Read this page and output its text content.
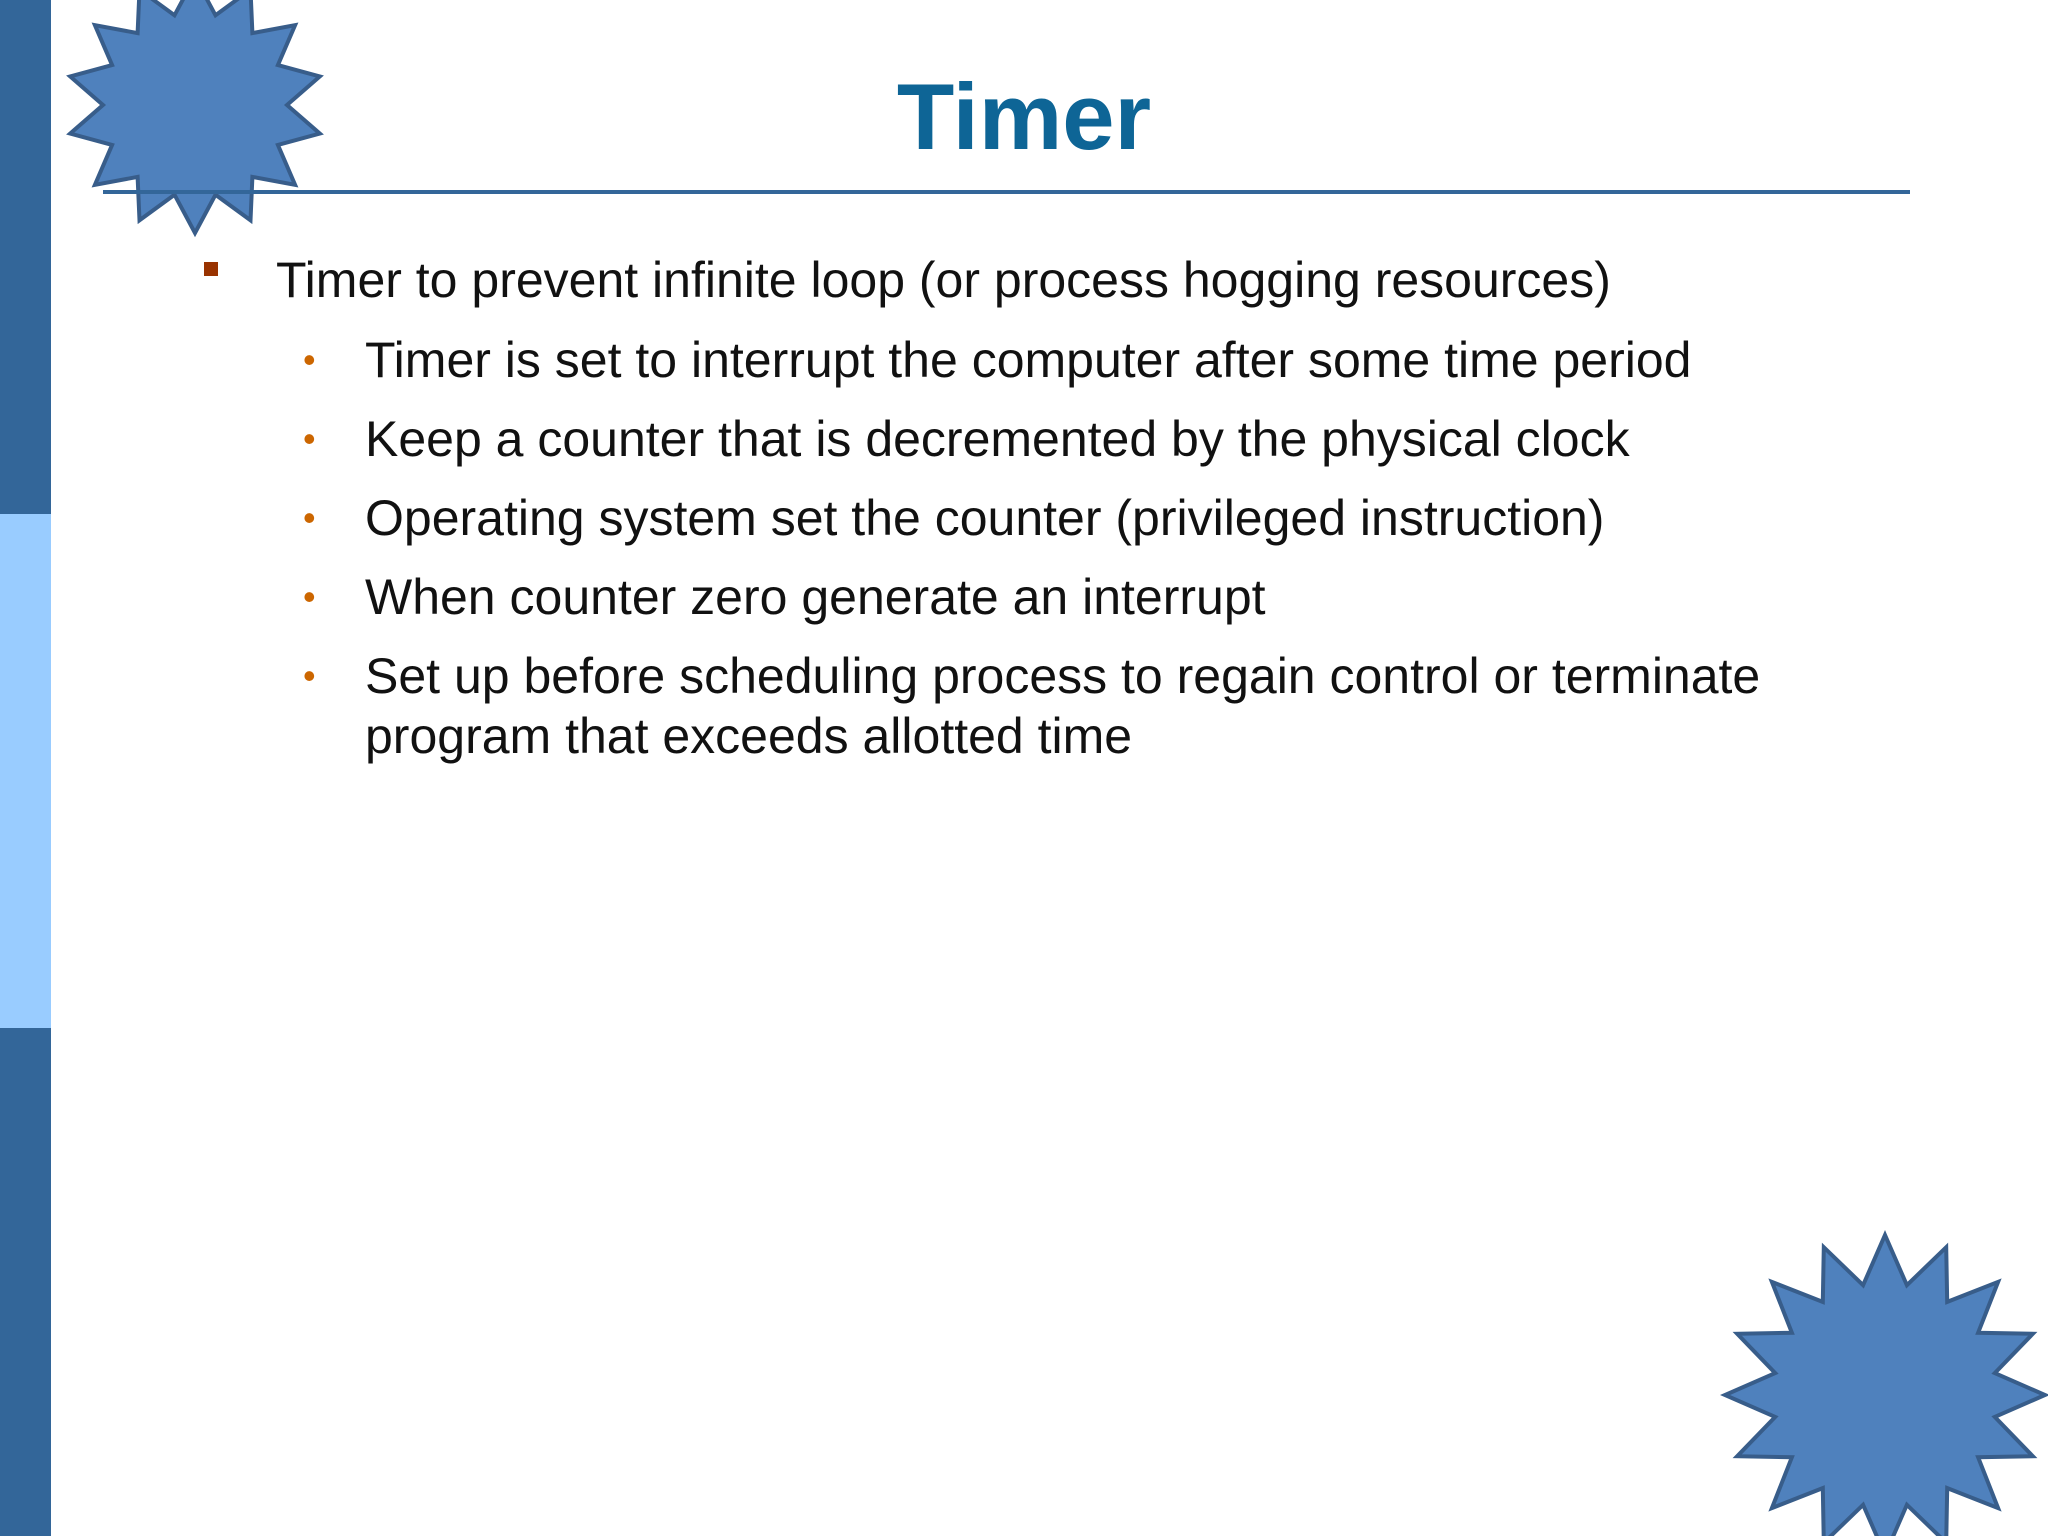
Timer
Timer to prevent infinite loop (or process hogging resources)
• Timer is set to interrupt the computer after some time period
• Keep a counter that is decremented by the physical clock
• Operating system set the counter (privileged instruction)
• When counter zero generate an interrupt
• Set up before scheduling process to regain control or terminate program that exceeds allotted time
